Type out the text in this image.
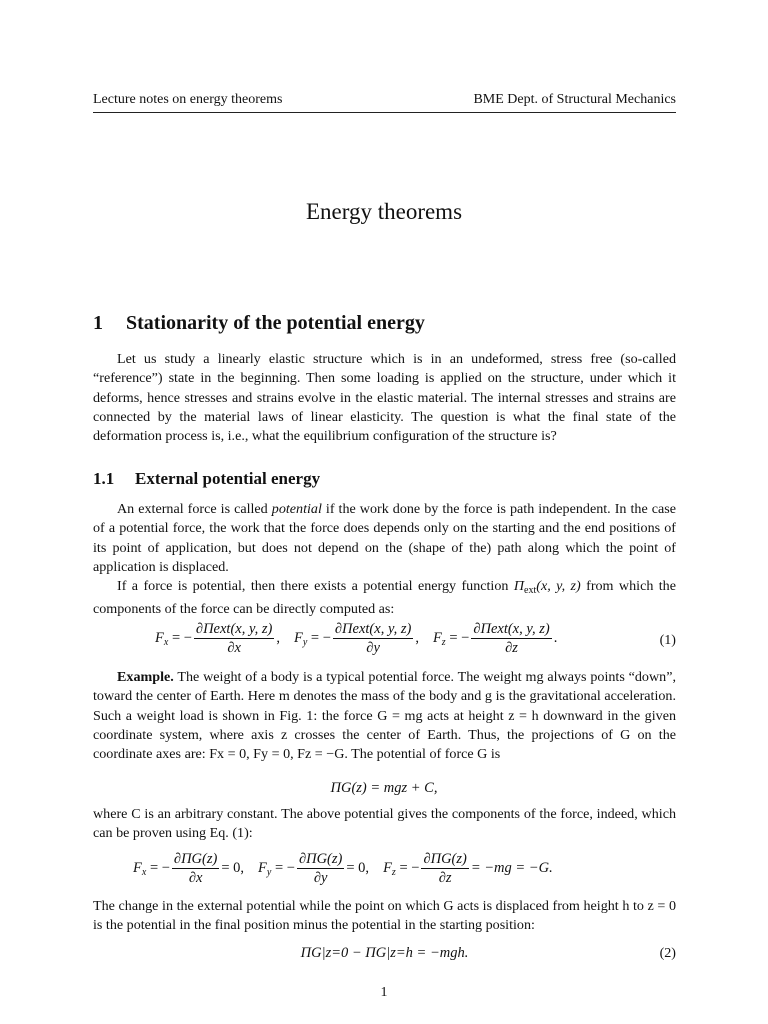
Lecture notes on energy theorems	BME Dept. of Structural Mechanics
Energy theorems
1 Stationarity of the potential energy
Let us study a linearly elastic structure which is in an undeformed, stress free (so-called “reference”) state in the beginning. Then some loading is applied on the structure, under which it deforms, hence stresses and strains evolve in the elastic material. The internal stresses and strains are connected by the material laws of linear elasticity. The question is what the final state of the deformation process is, i.e., what the equilibrium configuration of the structure is?
1.1 External potential energy
An external force is called potential if the work done by the force is path independent. In the case of a potential force, the work that the force does depends only on the starting and the end positions of its point of application, but does not depend on the (shape of the) path along which the point of application is displaced.
If a force is potential, then there exists a potential energy function $\Pi_{ext}(x$, y, z) from which the components of the force can be directly computed as:
$F_x$ = − $\frac{\text{∂Πext(x, y, z)}}{\partial x}$ , $F_y$ = − $\frac{\text{∂Πext(x, y, z)}}{\partial y}$ , $F_z$ = − $\frac{\text{∂Πext(x, y, z)}}{\partial z}$ .	(1)
Example. The weight of a body is a typical potential force. The weight mg always points “down”, toward the center of Earth. Here m denotes the mass of the body and g is the gravitational acceleration. Such a weight load is shown in Fig. 1: the force G = mg acts at height z = h downward in the given coordinate system, where axis z crosses the center of Earth. Thus, the projections of G on the coordinate axes are: Fx = 0, Fy = 0, Fz = −G. The potential of force G is
ΠG(z) = mgz + C,
where C is an arbitrary constant. The above potential gives the components of the force, indeed, which can be proven using Eq. (1):
$F_x$ = − $\frac{\partial\Pi G(z)}{\partial x} = 0$, $F_y$ = − $\frac{\partial\Pi G(z)}{\partial y} = 0$, $F_z$ = − $\frac{\partial\Pi G(z)}{\partial z} = -mg = -G$.
The change in the external potential while the point on which G acts is displaced from height h to z = 0 is the potential in the final position minus the potential in the starting position:
ΠG|z=0 − ΠG|z=h = −mgh.	(2)
1
